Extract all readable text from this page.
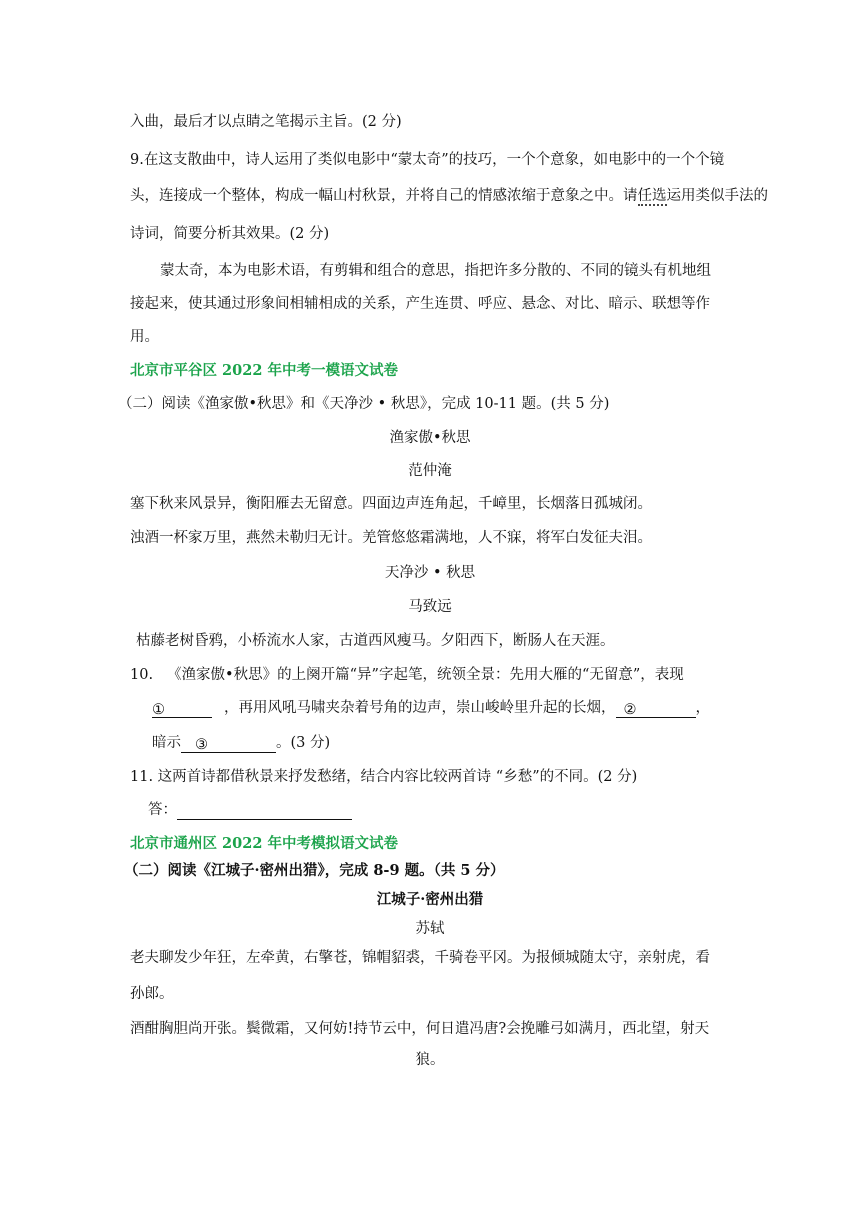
入曲，最后才以点睛之笔揭示主旨。(2 分)
9.在这支散曲中，诗人运用了类似电影中“蒙太奇”的技巧，一个个意象，如电影中的一个个镜
头，连接成一个整体，构成一幅山村秋景，并将自己的情感浓缩于意象之中。请任选运用类似手法的
诗词，简要分析其效果。(2 分)
蒙太奇，本为电影术语，有剪辑和组合的意思，指把许多分散的、不同的镜头有机地组
接起来，使其通过形象间相辅相成的关系，产生连贯、呼应、悬念、对比、暗示、联想等作
用。
北京市平谷区 2022 年中考一模语文试卷
（二）阅读《渔家傲•秋思》和《天净沙 • 秋思》，完成 10-11 题。(共 5 分)
渔家傲•秋思
范仲淹
塞下秋来风景异，衡阳雁去无留意。四面边声连角起，千嶂里，长烟落日孤城闭。
浊酒一杯家万里，燕然未勒归无计。羌管悠悠霜满地，人不寐，将军白发征夫泪。
天净沙 • 秋思
马致远
枯藤老树昏鸦，小桥流水人家，古道西风瘦马。夕阳西下，断肠人在天涯。
10. 《渔家傲•秋思》的上阕开篇“异”字起笔，统领全景：先用大雁的“无留意”，表现
①	，再用风吼马啸夹杂着号角的边声，崇山峻岭里升起的长烟， ②	，
暗示 ③	。(3 分)
11. 这两首诗都借秋景来抒发愁绪，结合内容比较两首诗 “乡愁”的不同。(2 分)
答：
北京市通州区 2022 年中考模拟语文试卷
（二）阅读《江城子·密州出猎》，完成 8-9 题。（共 5 分）
江城子·密州出猎
苏轼
老夫聊发少年狂，左牵黄，右擎苍，锦帽貂裘，千骑卷平冈。为报倾城随太守，亲射虎，看
孙郎。
酒酣胸胆尚开张。鬓微霜，又何妨!持节云中，何日遣冯唐?会挽雕弓如满月，西北望，射天
狼。
